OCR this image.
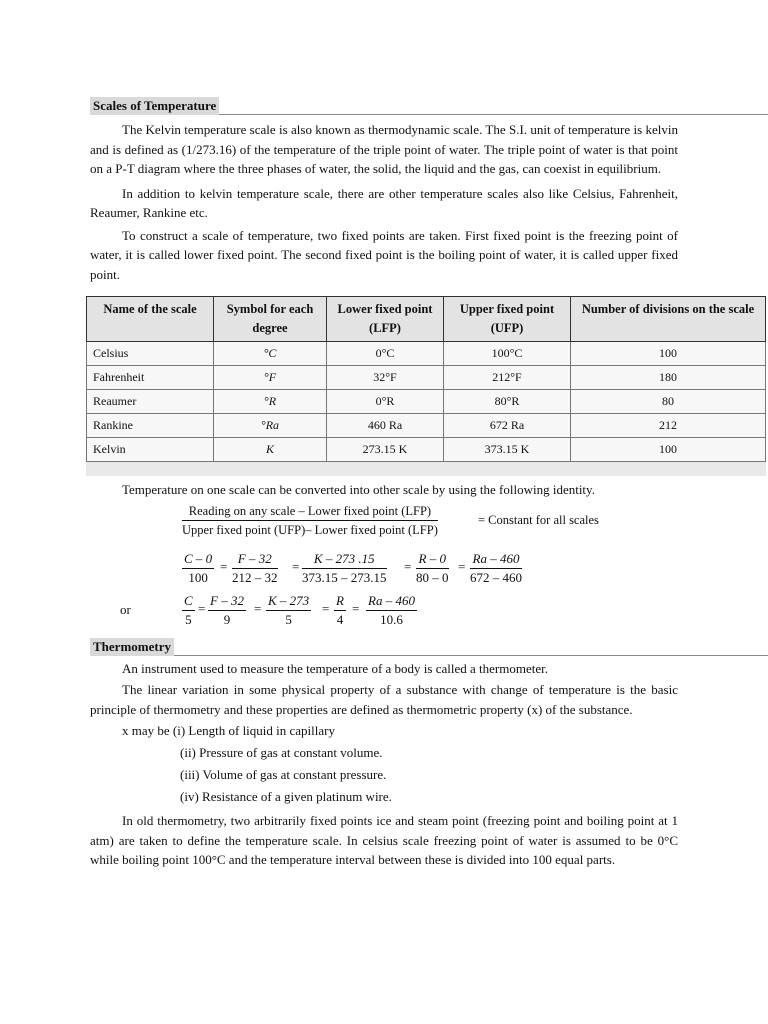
Scales of Temperature

The Kelvin temperature scale is also known as thermodynamic scale. The S.I. unit of temperature is kelvin and is defined as (1/273.16) of the temperature of the triple point of water. The triple point of water is that point on a P-T diagram where the three phases of water, the solid, the liquid and the gas, can coexist in equilibrium.

In addition to kelvin temperature scale, there are other temperature scales also like Celsius, Fahrenheit, Reaumer, Rankine etc.

To construct a scale of temperature, two fixed points are taken. First fixed point is the freezing point of water, it is called lower fixed point. The second fixed point is the boiling point of water, it is called upper fixed point.

Name of the scale	Symbol for each degree	Lower fixed point (LFP)	Upper fixed point (UFP)	Number of divisions on the scale
Celsius	°C	0°C	100°C	100
Fahrenheit	°F	32°F	212°F	180
Reaumer	°R	0°R	80°R	80
Rankine	°Ra	460 Ra	672 Ra	212
Kelvin	K	273.15 K	373.15 K	100

Temperature on one scale can be converted into other scale by using the following identity.

Reading on any scale – Lower fixed point (LFP)
Upper fixed point (UFP)– Lower fixed point (LFP)
= Constant for all scales
$\frac{C - 0}{100} = \frac{F - 32}{212 - 32} = \frac{K - 273 .15}{373.15 - 273.15} = \frac{R - 0}{80 - 0} = \frac{Ra - 460}{672 - 460}$
or	$\frac{C}{5} = \frac{F - 32}{9} = \frac{K - 273}{5} = \frac{R}{4} = \frac{Ra - 460}{10.6}$
Thermometry

An instrument used to measure the temperature of a body is called a thermometer.

The linear variation in some physical property of a substance with change of temperature is the basic principle of thermometry and these properties are defined as thermometric property (x) of the substance.

x may be (i) Length of liquid in capillary
(ii) Pressure of gas at constant volume.
(iii) Volume of gas at constant pressure.
(iv) Resistance of a given platinum wire.

In old thermometry, two arbitrarily fixed points ice and steam point (freezing point and boiling point at 1 atm) are taken to define the temperature scale. In celsius scale freezing point of water is assumed to be 0°C while boiling point 100°C and the temperature interval between these is divided into 100 equal parts.
